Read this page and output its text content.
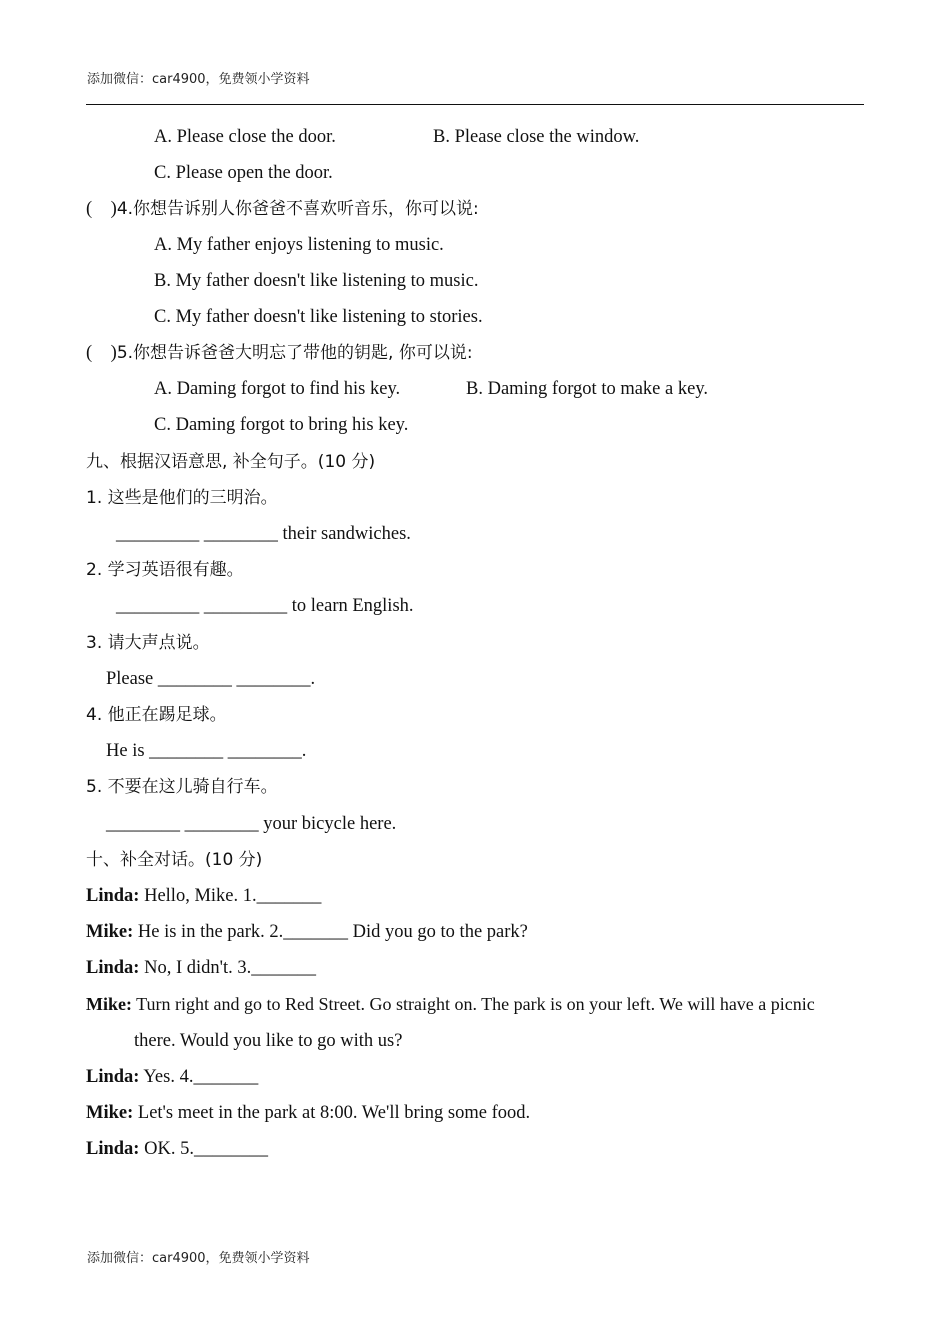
添加微信：car4900，免费领小学资料
A. Please close the door.	B. Please close the window.
C. Please open the door.
(    )4.你想告诉别人你爸爸不喜欢听音乐，你可以说:
A. My father enjoys listening to music.
B. My father doesn't like listening to music.
C. My father doesn't like listening to stories.
(    )5.你想告诉爸爸大明忘了带他的钥匙, 你可以说:
A. Daming forgot to find his key.	B. Daming forgot to make a key.
C. Daming forgot to bring his key.
九、根据汉语意思, 补全句子。(10 分)
1. 这些是他们的三明治。
_________ ________ their sandwiches.
2. 学习英语很有趣。
_________ _________ to learn English.
3. 请大声点说。
Please ________ ________.
4. 他正在踢足球。
He is ________ ________.
5. 不要在这儿骑自行车。
________ ________ your bicycle here.
十、补全对话。(10 分)
Linda: Hello, Mike. 1._______
Mike: He is in the park. 2._______ Did you go to the park?
Linda: No, I didn't. 3._______
Mike: Turn right and go to Red Street. Go straight on. The park is on your left. We will have a picnic
there. Would you like to go with us?
Linda: Yes. 4._______
Mike: Let's meet in the park at 8:00. We'll bring some food.
Linda: OK. 5.________
添加微信：car4900，免费领小学资料
